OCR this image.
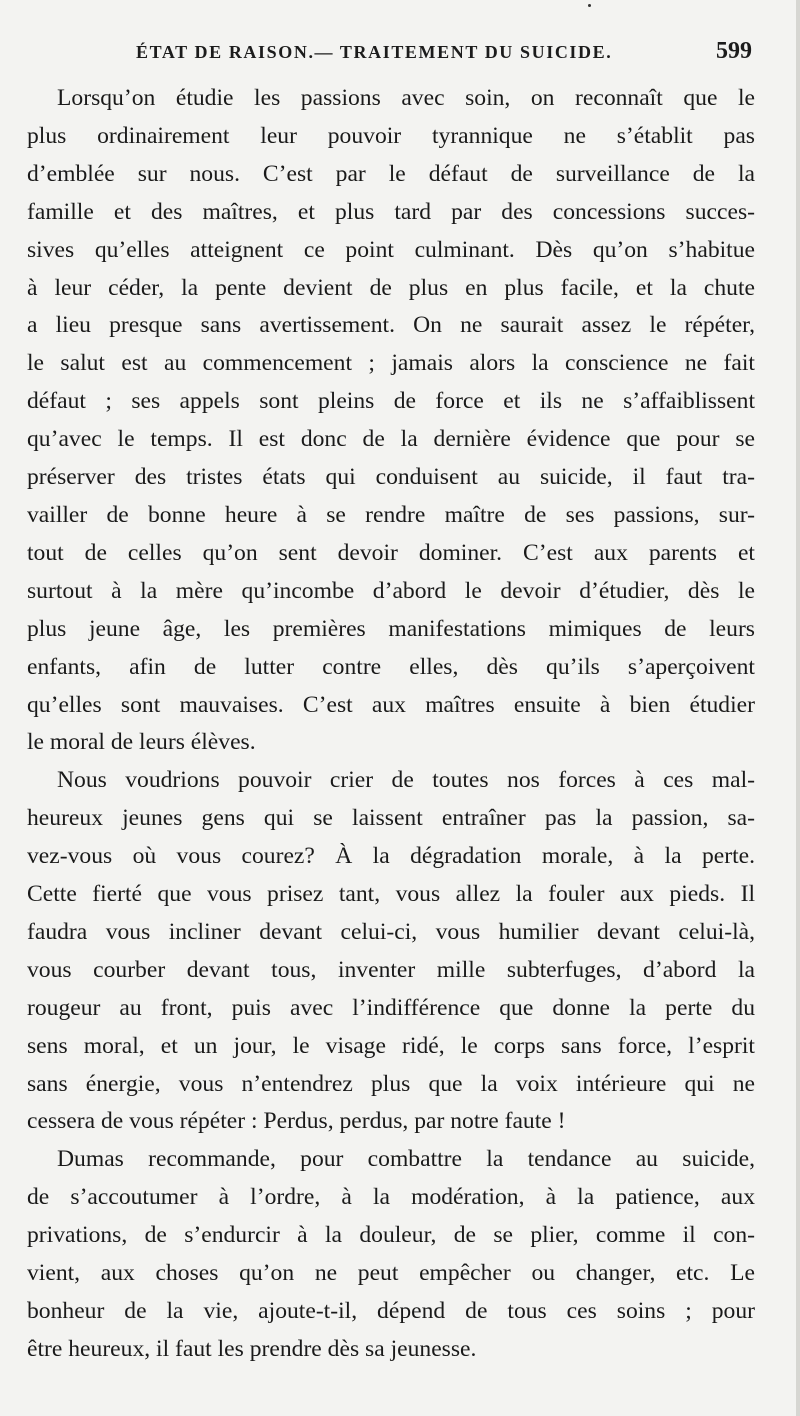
ÉTAT DE RAISON.— TRAITEMENT DU SUICIDE.	599

Lorsqu’on étudie les passions avec soin, on reconnaît que le
plus ordinairement leur pouvoir tyrannique ne s’établit pas
d’emblée sur nous. C’est par le défaut de surveillance de la
famille et des maîtres, et plus tard par des concessions succes-
sives qu’elles atteignent ce point culminant. Dès qu’on s’habitue
à leur céder, la pente devient de plus en plus facile, et la chute
a lieu presque sans avertissement. On ne saurait assez le répéter,
le salut est au commencement ; jamais alors la conscience ne fait
défaut ; ses appels sont pleins de force et ils ne s’affaiblissent
qu’avec le temps. Il est donc de la dernière évidence que pour se
préserver des tristes états qui conduisent au suicide, il faut tra-
vailler de bonne heure à se rendre maître de ses passions, sur-
tout de celles qu’on sent devoir dominer. C’est aux parents et
surtout à la mère qu’incombe d’abord le devoir d’étudier, dès le
plus jeune âge, les premières manifestations mimiques de leurs
enfants, afin de lutter contre elles, dès qu’ils s’aperçoivent
qu’elles sont mauvaises. C’est aux maîtres ensuite à bien étudier
le moral de leurs élèves.

Nous voudrions pouvoir crier de toutes nos forces à ces mal-
heureux jeunes gens qui se laissent entraîner pas la passion, sa-
vez-vous où vous courez? À la dégradation morale, à la perte.
Cette fierté que vous prisez tant, vous allez la fouler aux pieds. Il
faudra vous incliner devant celui-ci, vous humilier devant celui-là,
vous courber devant tous, inventer mille subterfuges, d’abord la
rougeur au front, puis avec l’indifférence que donne la perte du
sens moral, et un jour, le visage ridé, le corps sans force, l’esprit
sans énergie, vous n’entendrez plus que la voix intérieure qui ne
cessera de vous répéter : Perdus, perdus, par notre faute !

Dumas recommande, pour combattre la tendance au suicide,
de s’accoutumer à l’ordre, à la modération, à la patience, aux
privations, de s’endurcir à la douleur, de se plier, comme il con-
vient, aux choses qu’on ne peut empêcher ou changer, etc. Le
bonheur de la vie, ajoute-t-il, dépend de tous ces soins ; pour
être heureux, il faut les prendre dès sa jeunesse.
